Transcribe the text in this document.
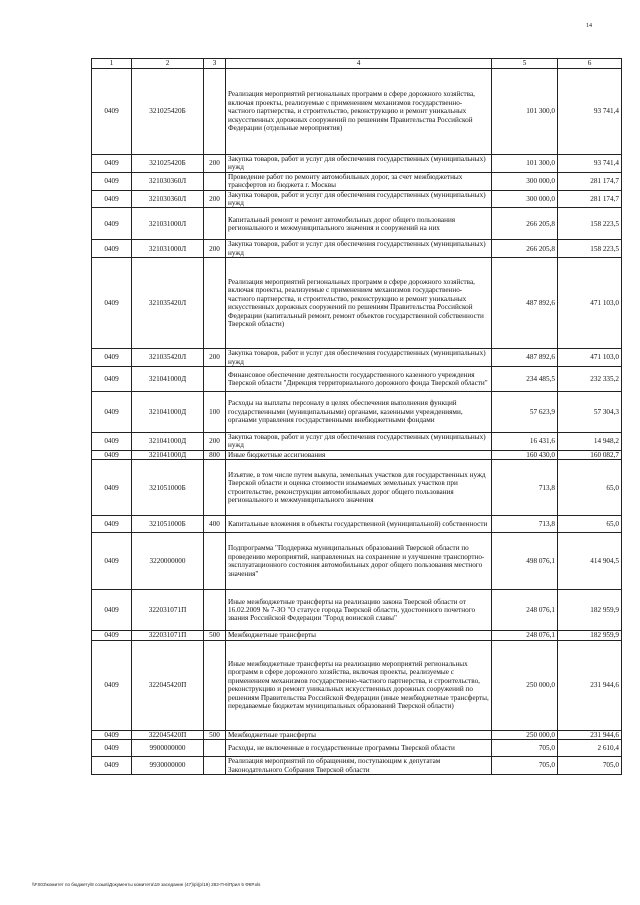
14
1	2	3	4	5	6
0409	321025420Б		Реализация мероприятий региональных программ в сфере дорожного хозяйства, включая проекты, реализуемые с применением механизмов государственно-частного партнерства, и строительство, реконструкцию и ремонт уникальных искусственных дорожных сооружений по решениям Правительства Российской Федерации (отдельные мероприятия)	101 300,0	93 741,4
0409	321025420Б	200	Закупка товаров, работ и услуг для обеспечения государственных (муниципальных) нужд	101 300,0	93 741,4
0409	321030360Л		Проведение работ по ремонту автомобильных дорог, за счет межбюджетных трансфертов из бюджета г. Москвы	300 000,0	281 174,7
0409	321030360Л	200	Закупка товаров, работ и услуг для обеспечения государственных (муниципальных) нужд	300 000,0	281 174,7
0409	321031000Л		Капитальный ремонт и ремонт автомобильных дорог общего пользования регионального и межмуниципального значения и сооружений на них	266 205,8	158 223,5
0409	321031000Л	200	Закупка товаров, работ и услуг для обеспечения государственных (муниципальных) нужд	266 205,8	158 223,5
0409	321035420Л		Реализация мероприятий региональных программ в сфере дорожного хозяйства, включая проекты, реализуемые с применением механизмов государственно-частного партнерства, и строительство, реконструкцию и ремонт уникальных искусственных дорожных сооружений по решениям Правительства Российской Федерации (капитальный ремонт, ремонт объектов государственной собственности Тверской области)	487 892,6	471 103,0
0409	321035420Л	200	Закупка товаров, работ и услуг для обеспечения государственных (муниципальных) нужд	487 892,6	471 103,0
0409	321041000Д		Финансовое обеспечение деятельности государственного казенного учреждения Тверской области "Дирекция территориального дорожного фонда Тверской области"	234 485,5	232 335,2
0409	321041000Д	100	Расходы на выплаты персоналу в целях обеспечения выполнения функций государственными (муниципальными) органами, казенными учреждениями, органами управления государственными внебюджетными фондами	57 623,9	57 304,3
0409	321041000Д	200	Закупка товаров, работ и услуг для обеспечения государственных (муниципальных) нужд	16 431,6	14 948,2
0409	321041000Д	800	Иные бюджетные ассигнования	160 430,0	160 082,7
0409	321051000Б		Изъятие, в том числе путем выкупа, земельных участков для государственных нужд Тверской области и оценка стоимости изымаемых земельных участков при строительстве, реконструкции автомобильных дорог общего пользования регионального и межмуниципального значения	713,8	65,0
0409	321051000Б	400	Капитальные вложения в объекты государственной (муниципальной) собственности	713,8	65,0
0409	3220000000		Подпрограмма "Поддержка муниципальных образований Тверской области по проведению мероприятий, направленных на сохранение и улучшение транспортно-эксплуатационного состояния автомобильных дорог общего пользования местного значения"	498 076,1	414 904,5
0409	322031071П		Иные межбюджетные трансферты на реализацию закона Тверской области от 16.02.2009 № 7-ЗО "О статусе города Тверской области, удостоенного почетного звания Российской Федерации "Город воинской славы"	248 076,1	182 959,9
0409	322031071П	500	Межбюджетные трансферты	248 076,1	182 959,9
0409	322045420П		Иные межбюджетные трансферты на реализацию мероприятий региональных программ в сфере дорожного хозяйства, включая проекты, реализуемые с применением механизмов государственно-частного партнерства, и строительство, реконструкцию и ремонт уникальных искусственных дорожных сооружений по решениям Правительства Российской Федерации (иные межбюджетные трансферты, передаваемые бюджетам муниципальных образований Тверской области)	250 000,0	231 944,6
0409	322045420П	500	Межбюджетные трансферты	250 000,0	231 944,6
0409	9900000000		Расходы, не включенные в государственные программы Тверской области	705,0	2 610,4
0409	9930000000		Реализация мероприятий по обращениям, поступающим к депутатам Законодательного Собрания Тверской области	705,0	705,0
\\FS03\комитет по бюджету\8 созыв\Документы комитета\19 заседание (47)\р\(р\19) 282-П-6\Прил 5 ФКР.xls
